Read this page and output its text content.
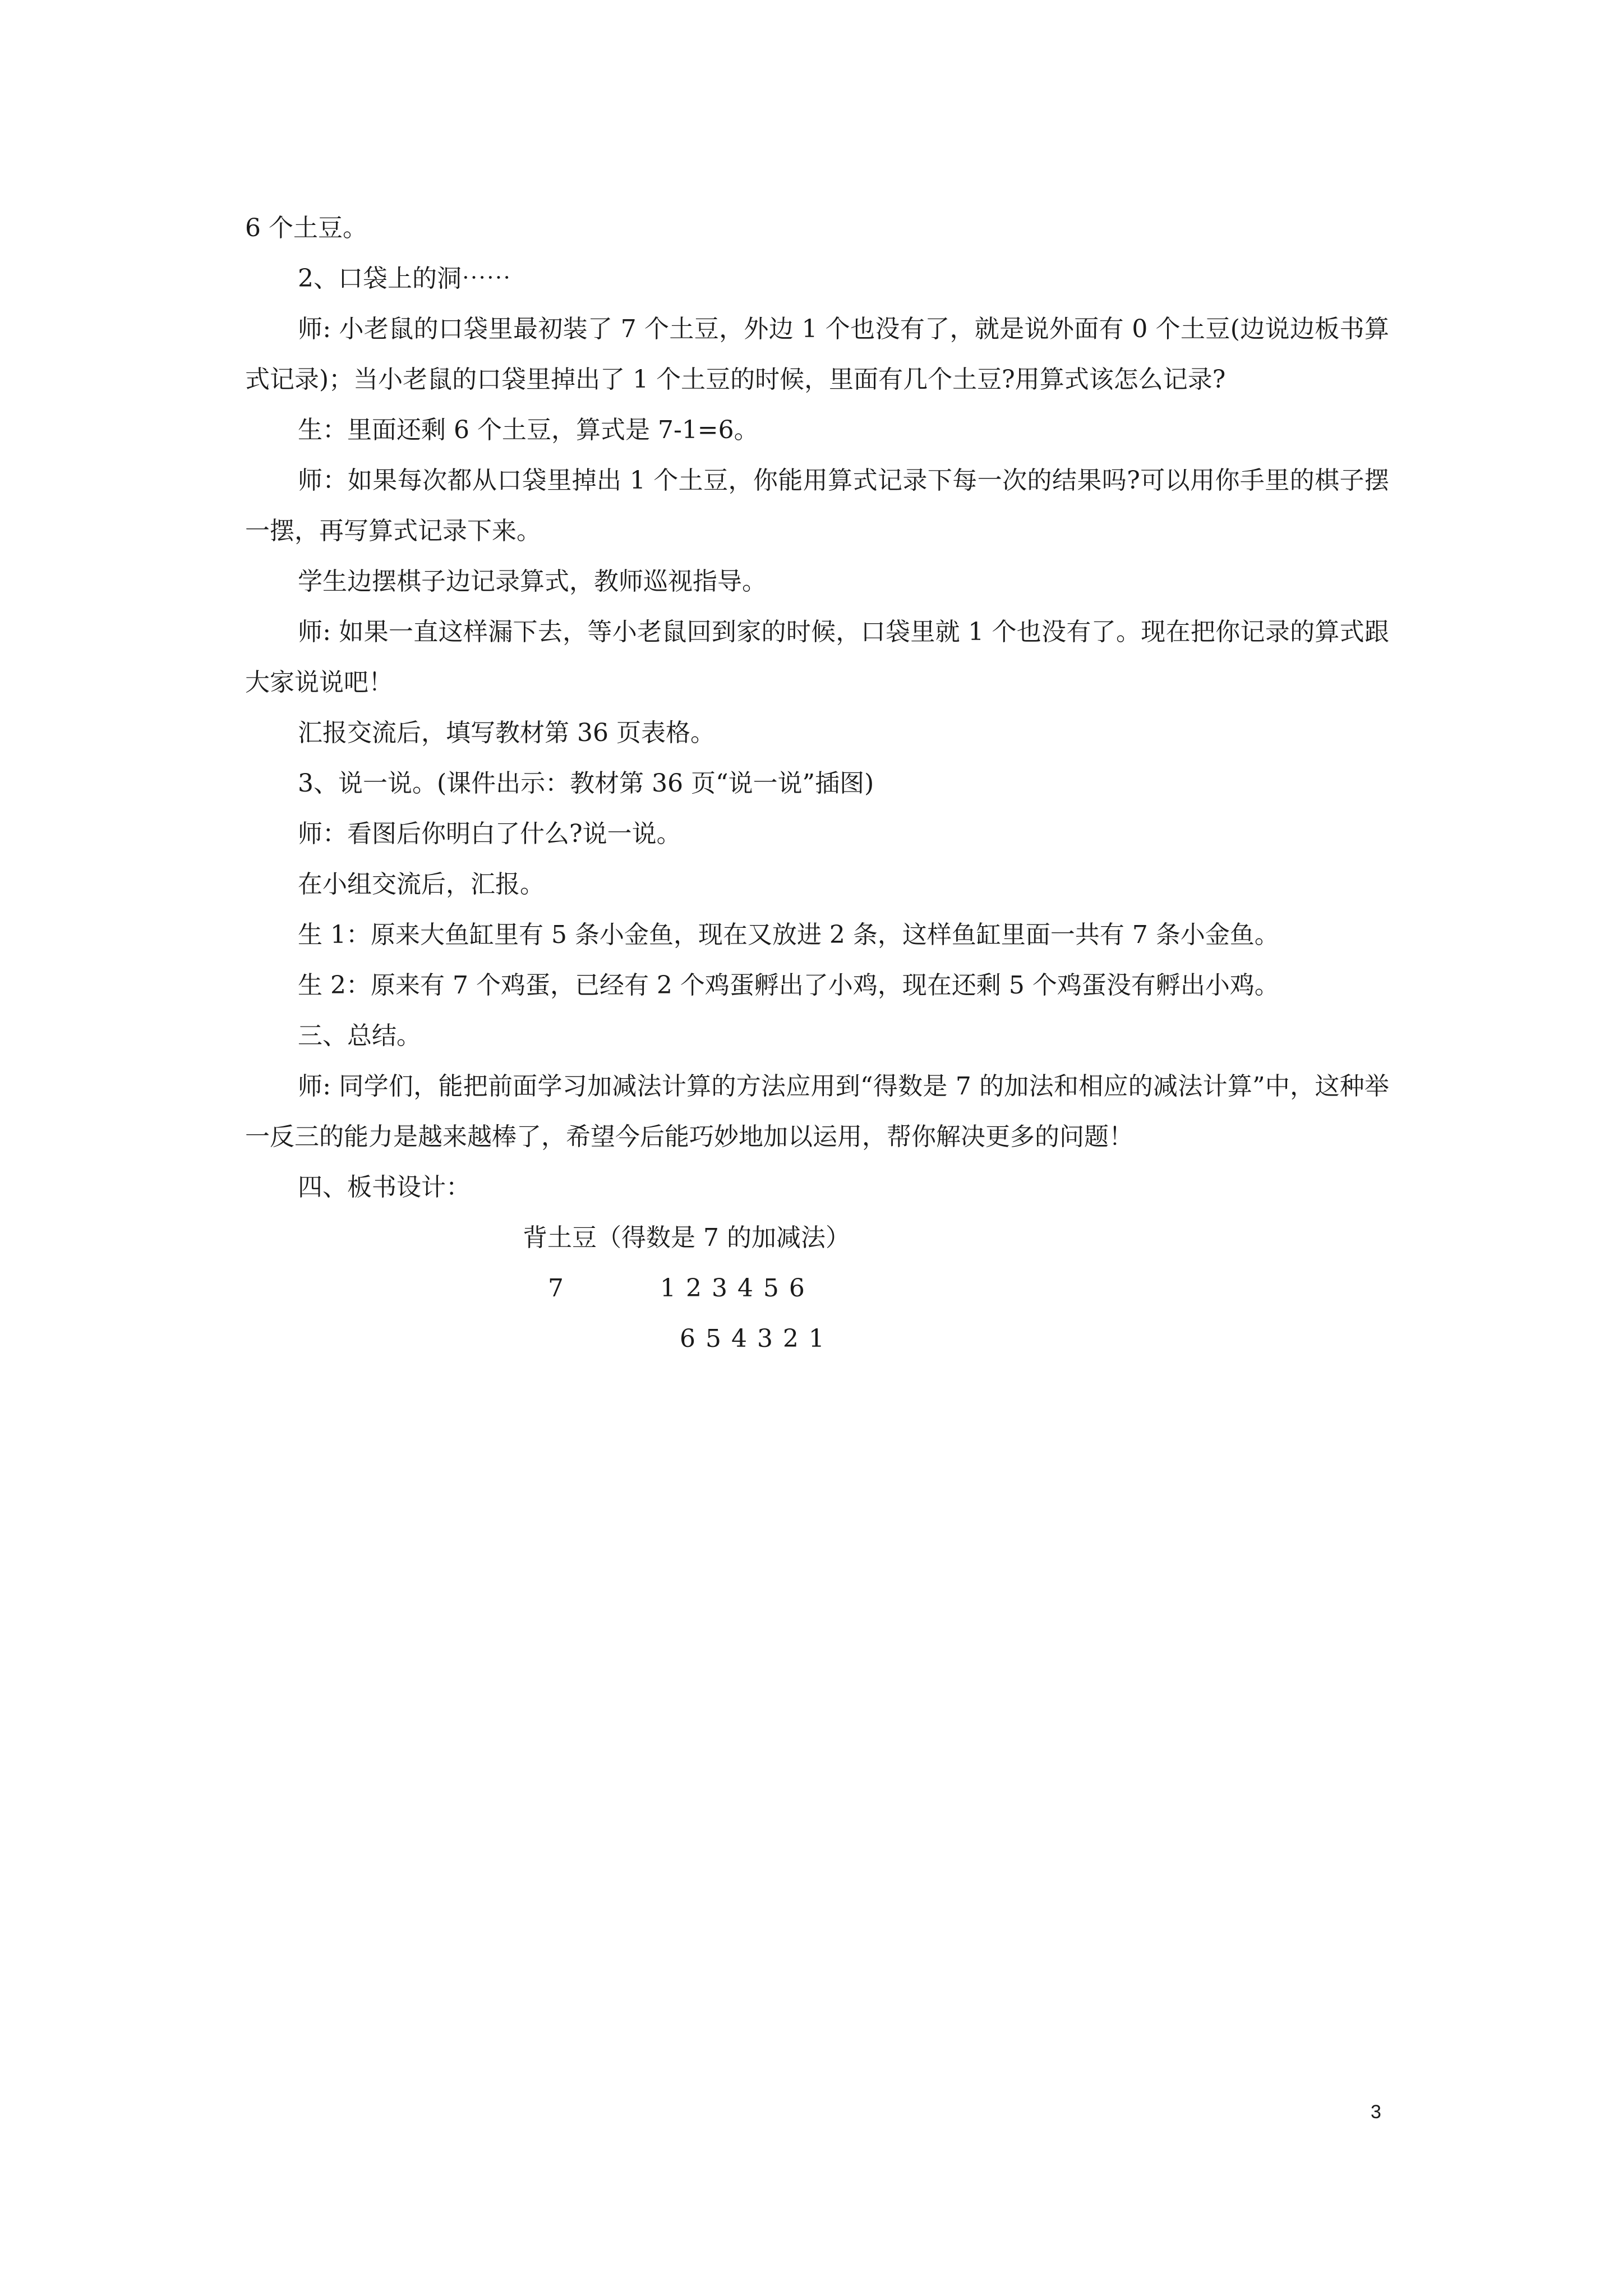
6 个土豆。

2、口袋上的洞⋯⋯

师: 小老鼠的口袋里最初装了 7 个土豆，外边 1 个也没有了，就是说外面有 0 个土豆(边说边板书算式记录)；当小老鼠的口袋里掉出了 1 个土豆的时候，里面有几个土豆?用算式该怎么记录?

生：里面还剩 6 个土豆，算式是 7-1=6。

师：如果每次都从口袋里掉出 1 个土豆，你能用算式记录下每一次的结果吗?可以用你手里的棋子摆一摆，再写算式记录下来。

学生边摆棋子边记录算式，教师巡视指导。

师: 如果一直这样漏下去，等小老鼠回到家的时候，口袋里就 1 个也没有了。现在把你记录的算式跟大家说说吧！

汇报交流后，填写教材第 36 页表格。

3、说一说。(课件出示：教材第 36 页“说一说”插图)

师：看图后你明白了什么?说一说。

在小组交流后，汇报。

生 1：原来大鱼缸里有 5 条小金鱼，现在又放进 2 条，这样鱼缸里面一共有 7 条小金鱼。

生 2：原来有 7 个鸡蛋，已经有 2 个鸡蛋孵出了小鸡，现在还剩 5 个鸡蛋没有孵出小鸡。

三、总结。

师: 同学们，能把前面学习加减法计算的方法应用到“得数是 7 的加法和相应的减法计算”中，这种举一反三的能力是越来越棒了，希望今后能巧妙地加以运用，帮你解决更多的问题！

四、板书设计：

背土豆（得数是 7 的加减法）

7	1 2 3 4 5 6
6 5 4 3 2 1
3
